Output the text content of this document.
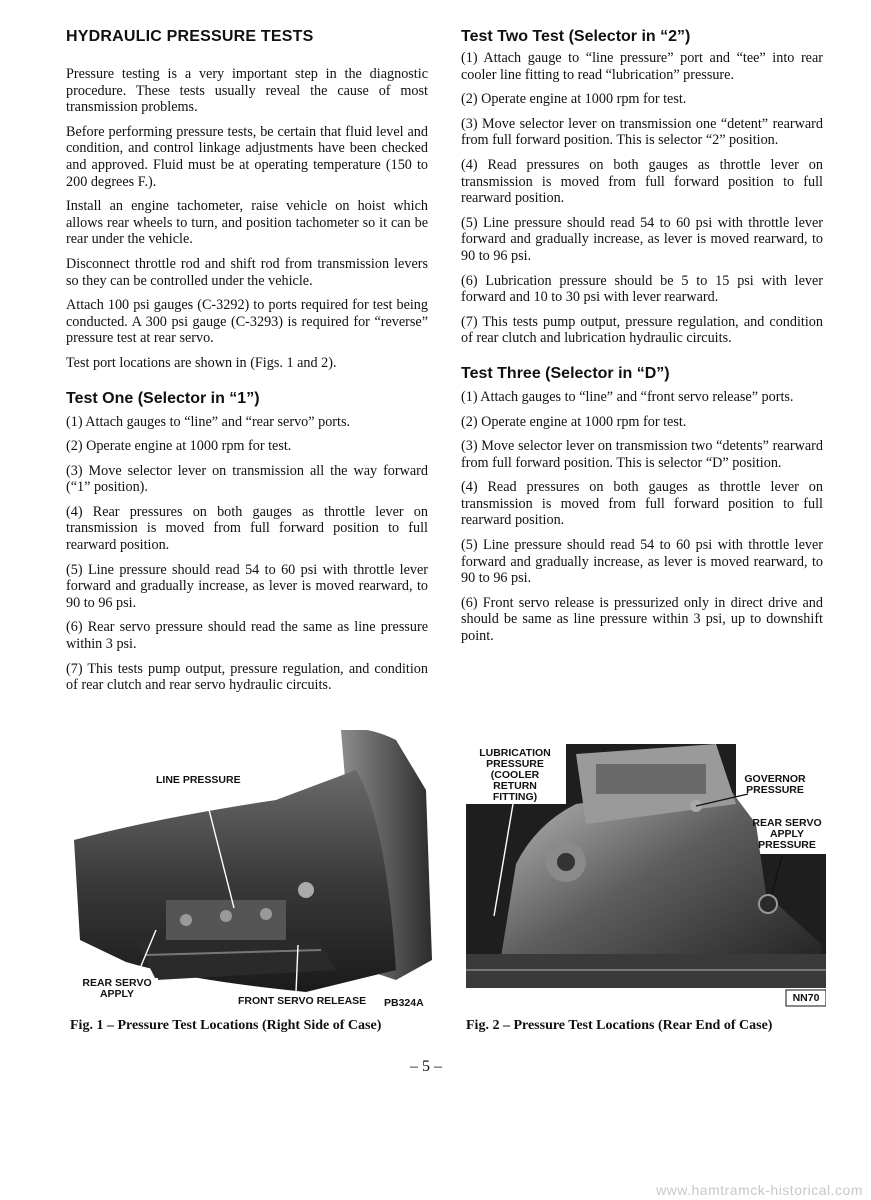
HYDRAULIC PRESSURE TESTS

Pressure testing is a very important step in the diagnostic procedure. These tests usually reveal the cause of most transmission problems.

Before performing pressure tests, be certain that fluid level and condition, and control linkage adjustments have been checked and approved. Fluid must be at operating temperature (150 to 200 degrees F.).

Install an engine tachometer, raise vehicle on hoist which allows rear wheels to turn, and position tachometer so it can be rear under the vehicle.

Disconnect throttle rod and shift rod from transmission levers so they can be controlled under the vehicle.

Attach 100 psi gauges (C-3292) to ports required for test being conducted. A 300 psi gauge (C-3293) is required for “reverse” pressure test at rear servo.

Test port locations are shown in (Figs. 1 and 2).

Test One (Selector in “1”)

(1) Attach gauges to “line” and “rear servo” ports.

(2) Operate engine at 1000 rpm for test.

(3) Move selector lever on transmission all the way forward (“1” position).

(4) Rear pressures on both gauges as throttle lever on transmission is moved from full forward position to full rearward position.

(5) Line pressure should read 54 to 60 psi with throttle lever forward and gradually increase, as lever is moved rearward, to 90 to 96 psi.

(6) Rear servo pressure should read the same as line pressure within 3 psi.

(7) This tests pump output, pressure regulation, and condition of rear clutch and rear servo hydraulic circuits.

Test Two Test (Selector in “2”)

(1) Attach gauge to “line pressure” port and “tee” into rear cooler line fitting to read “lubrication” pressure.

(2) Operate engine at 1000 rpm for test.

(3) Move selector lever on transmission one “detent” rearward from full forward position. This is selector “2” position.

(4) Read pressures on both gauges as throttle lever on transmission is moved from full forward position to full rearward position.

(5) Line pressure should read 54 to 60 psi with throttle lever forward and gradually increase, as lever is moved rearward, to 90 to 96 psi.

(6) Lubrication pressure should be 5 to 15 psi with lever forward and 10 to 30 psi with lever rearward.

(7) This tests pump output, pressure regulation, and condition of rear clutch and lubrication hydraulic circuits.

Test Three (Selector in “D”)

(1) Attach gauges to “line” and “front servo release” ports.

(2) Operate engine at 1000 rpm for test.

(3) Move selector lever on transmission two “detents” rearward from full forward position. This is selector “D” position.

(4) Read pressures on both gauges as throttle lever on transmission is moved from full forward position to full rearward position.

(5) Line pressure should read 54 to 60 psi with throttle lever forward and gradually increase, as lever is moved rearward, to 90 to 96 psi.

(6) Front servo release is pressurized only in direct drive and should be same as line pressure within 3 psi, up to downshift point.

LINE PRESSURE
REAR SERVO APPLY
FRONT SERVO RELEASE PB324A
LUBRICATION PRESSURE (COOLER RETURN FITTING)
GOVERNOR PRESSURE
REAR SERVO APPLY PRESSURE
NN70
Fig. 1 – Pressure Test Locations (Right Side of Case)	Fig. 2 – Pressure Test Locations (Rear End of Case)
– 5 –
www.hamtramck-historical.com
